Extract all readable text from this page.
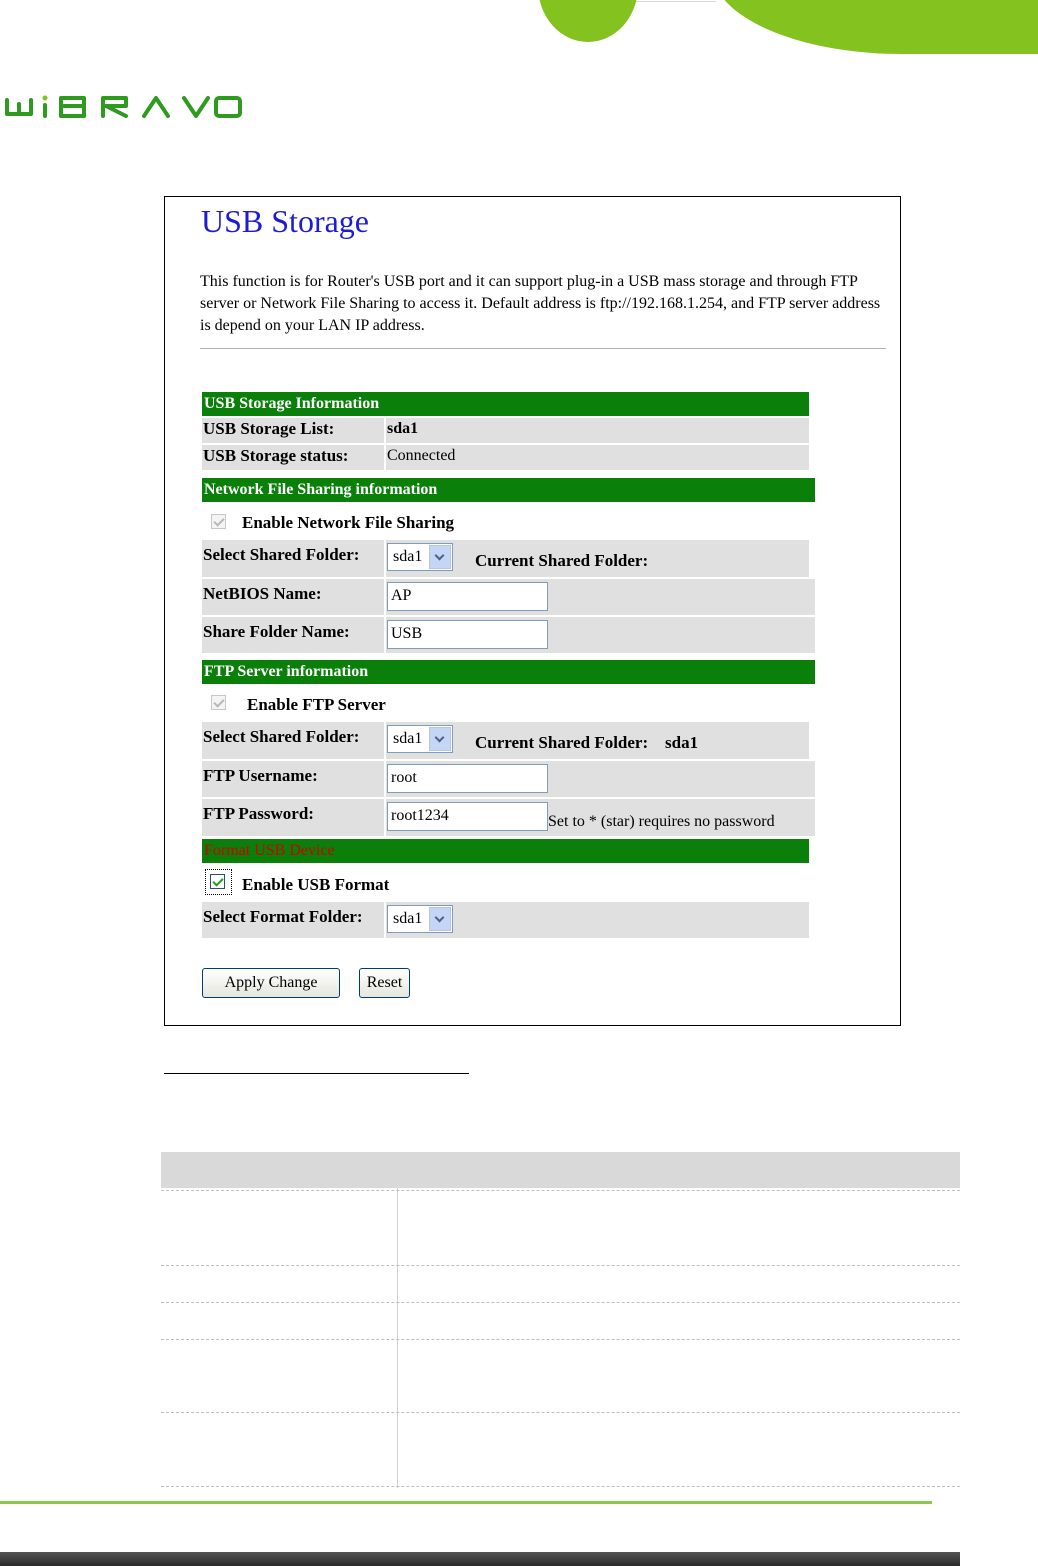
USB Storage
This function is for Router's USB port and it can support plug-in a USB mass storage and through FTP server or Network File Sharing to access it. Default address is ftp://192.168.1.254, and FTP server address is depend on your LAN IP address.
USB Storage Information
USB Storage List:	sda1
USB Storage status: Connected
Network File Sharing information
Enable Network File Sharing
Select Shared Folder:	sda1	Current Shared Folder:
NetBIOS Name:	AP
Share Folder Name:	USB
FTP Server information
Enable FTP Server
Select Shared Folder:	sda1	Current Shared Folder: sda1
FTP Username:	root
FTP Password:	root1234	Set to * (star) requires no password
Format USB Device
Enable USB Format
Select Format Folder:	sda1
Apply Change	Reset
